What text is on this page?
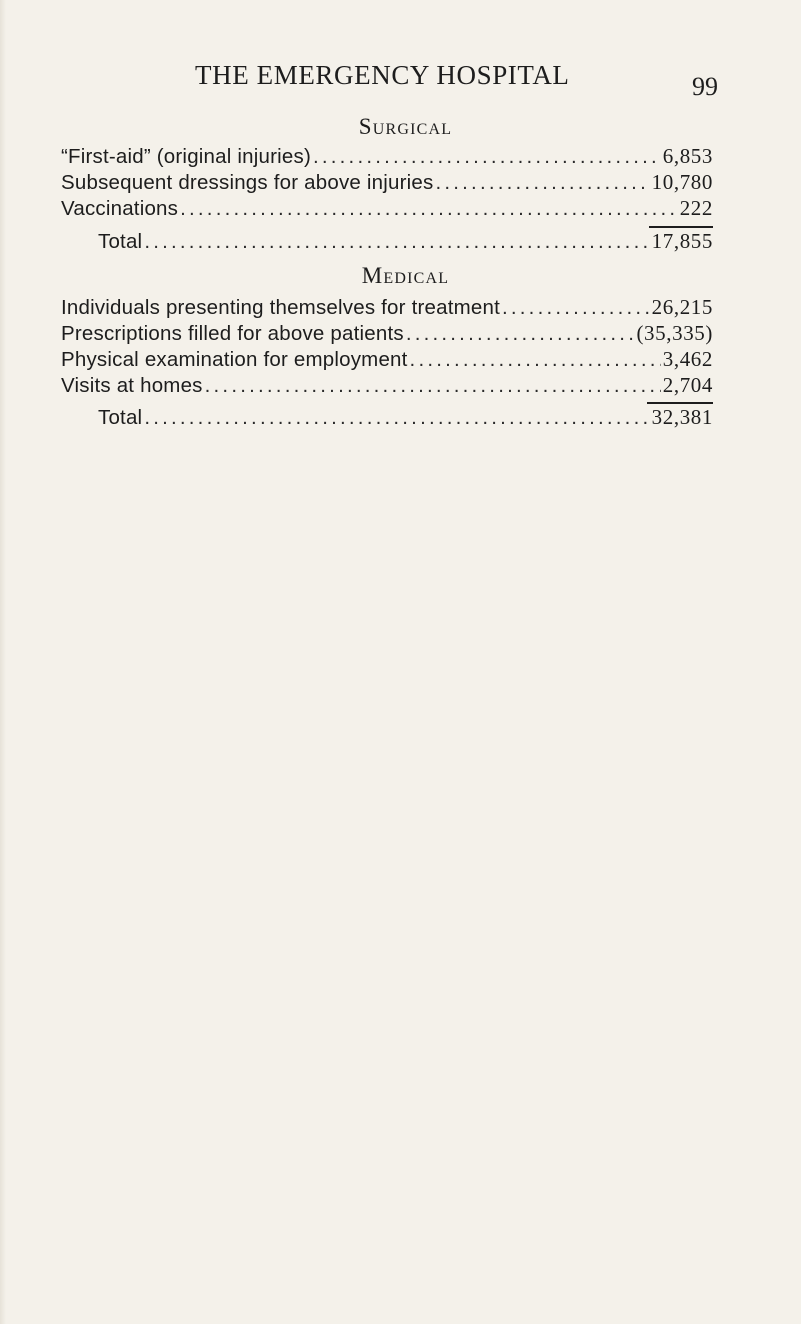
THE EMERGENCY HOSPITAL	99
Surgical
“First-aid” (original injuries) .....	6,853
Subsequent dressings for above injuries .....	10,780
Vaccinations .....	222
Total .....	17,855
Medical
Individuals presenting themselves for treatment .....	26,215
Prescriptions filled for above patients .....	(35,335)
Physical examination for employment .....	3,462
Visits at homes .....	2,704
Total .....	32,381
